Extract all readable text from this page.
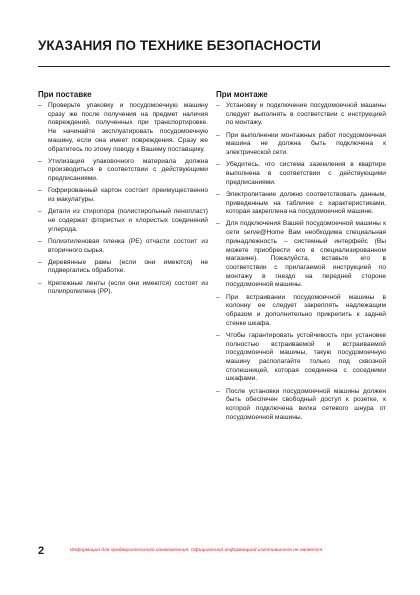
УКАЗАНИЯ ПО ТЕХНИКЕ БЕЗОПАСНОСТИ
При поставке
– Проверьте упаковку и посудомоечную машину сразу же после получения на предмет наличия повреждений, полученных при транспортировке. Не начинайте эксплуатировать посудомоечную машину, если она имеет повреждения. Сразу же обратитесь по этому поводу к Вашему поставщику.
– Утилизация упаковочного материала должна производиться в соответствии с действующими предписаниями.
– Гофрированный картон состоит преимущественно из макулатуры.
– Детали из стиропора (полистирольный пенопласт) не содержат фтористых и хлористых соединений углерода.
– Полиэтиленовая пленка (PE) отчасти состоит из вторичного сырья.
– Деревянные рамы (если они имеются) не подвергались обработке.
– Крепежные ленты (если они имеются) состоят из полипропилена (PP).
При монтаже
– Установку и подключение посудомоечной машины следует выполнять в соответствии с инструкцией по монтажу.
– При выполнении монтажных работ посудомоечная машина не должна быть подключена к электрической сети.
– Убедитесь, что система заземления в квартире выполнена в соответствии с действующими предписаниями.
– Электропитание должно соответствовать данным, приведенным на табличке с характеристиками, которая закреплена на посудомоечной машине.
– Для подключения Вашей посудомоечной машины к сети serve@Home Вам необходима специальная принадлежность – системный интерфейс (Вы можете приобрести его в специализированном магазине). Пожалуйста, вставьте его в соответствии с прилагаемой инструкцией по монтажу в гнездо на передней стороне посудомоечной машины.
– При встраивании посудомоечной машины в колонну ее следует закреплять надлежащим образом и дополнительно прикрепить к задней стенке шкафа.
– Чтобы гарантировать устойчивость при установке полностью встраиваемой и встраиваемой посудомоечной машины, такую посудомоечную машину располагайте только под сквозной столешницей, которая соединена с соседними шкафами.
– После установки посудомоечной машины должен быть обеспечен свободный доступ к розетке, к которой подключена вилка сетевого шнура от посудомоечной машины.
2	Информация для предварительного ознакомления. Официальной информацией изготовителя не является.
